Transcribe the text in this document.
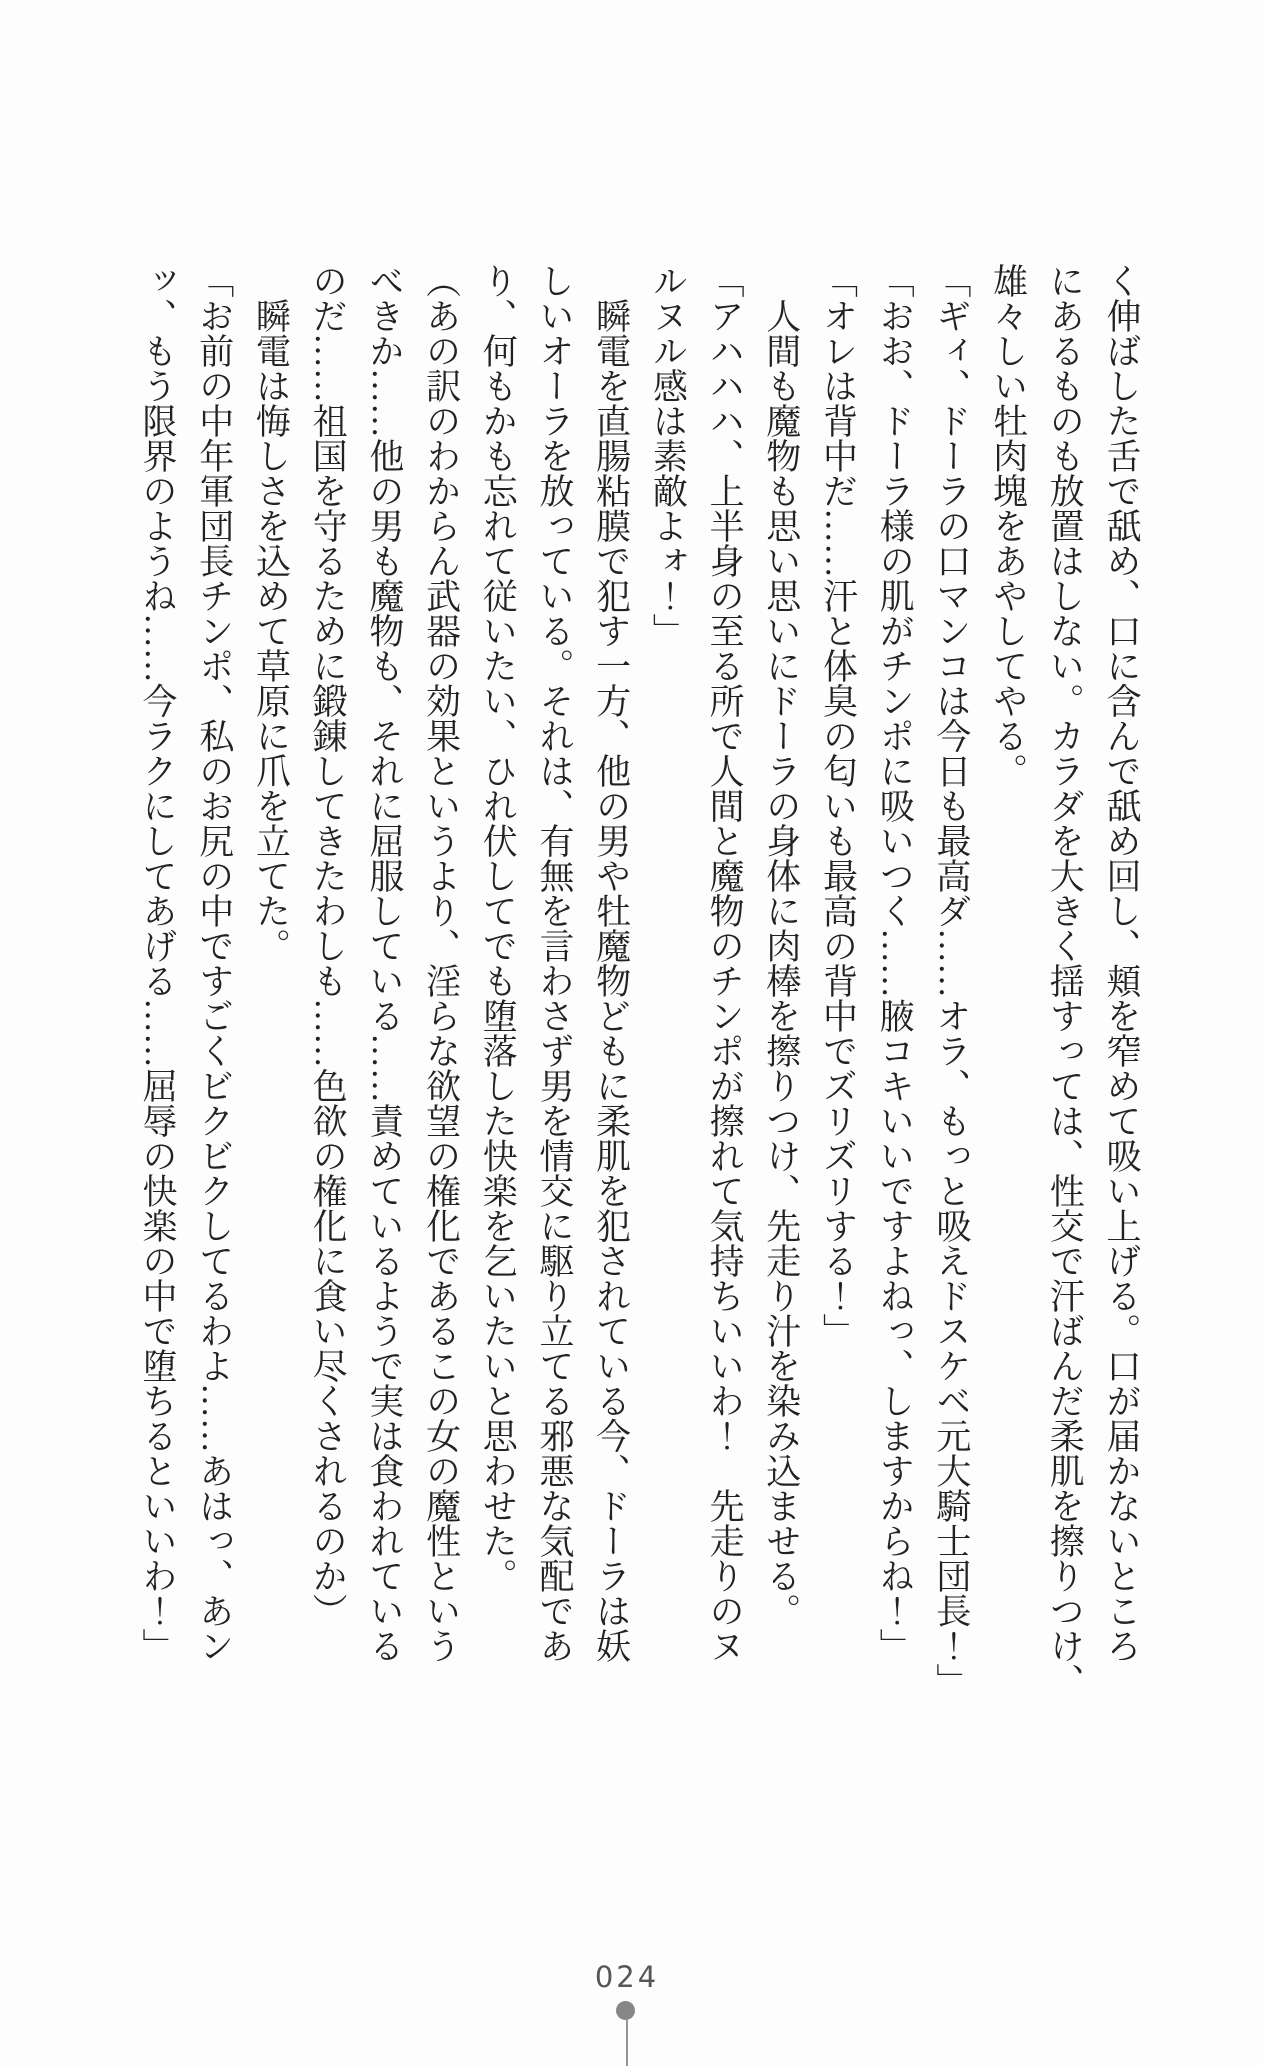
く伸ばした舌で舐め、口に含んで舐め回し、頬を窄めて吸い上げる。口が届かないところ

にあるものも放置はしない。カラダを大きく揺すっては、性交で汗ばんだ柔肌を擦りつけ、

雄々しい牡肉塊をあやしてやる。

「ギィ、ドーラの口マンコは今日も最高ダ……オラ、もっと吸えドスケベ元大騎士団長！」

「おお、ドーラ様の肌がチンポに吸いつく……腋コキいいですよねっ、しますからね！」

「オレは背中だ……汗と体臭の匂いも最高の背中でズリズリする！」

　人間も魔物も思い思いにドーラの身体に肉棒を擦りつけ、先走り汁を染み込ませる。

「アハハハ、上半身の至る所で人間と魔物のチンポが擦れて気持ちいいわ！　先走りのヌ

ルヌル感は素敵よォ！」

　瞬電を直腸粘膜で犯す一方、他の男や牡魔物どもに柔肌を犯されている今、ドーラは妖

しいオーラを放っている。それは、有無を言わさず男を情交に駆り立てる邪悪な気配であ

り、何もかも忘れて従いたい、ひれ伏してでも堕落した快楽を乞いたいと思わせた。

（あの訳のわからん武器の効果というより、淫らな欲望の権化であるこの女の魔性という

べきか……他の男も魔物も、それに屈服している……責めているようで実は食われている

のだ……祖国を守るために鍛錬してきたわしも……色欲の権化に食い尽くされるのか）

　瞬電は悔しさを込めて草原に爪を立てた。

「お前の中年軍団長チンポ、私のお尻の中ですごくビクビクしてるわよ……あはっ、あン

ッ、もう限界のようね……今ラクにしてあげる……屈辱の快楽の中で堕ちるといいわ！」

024
